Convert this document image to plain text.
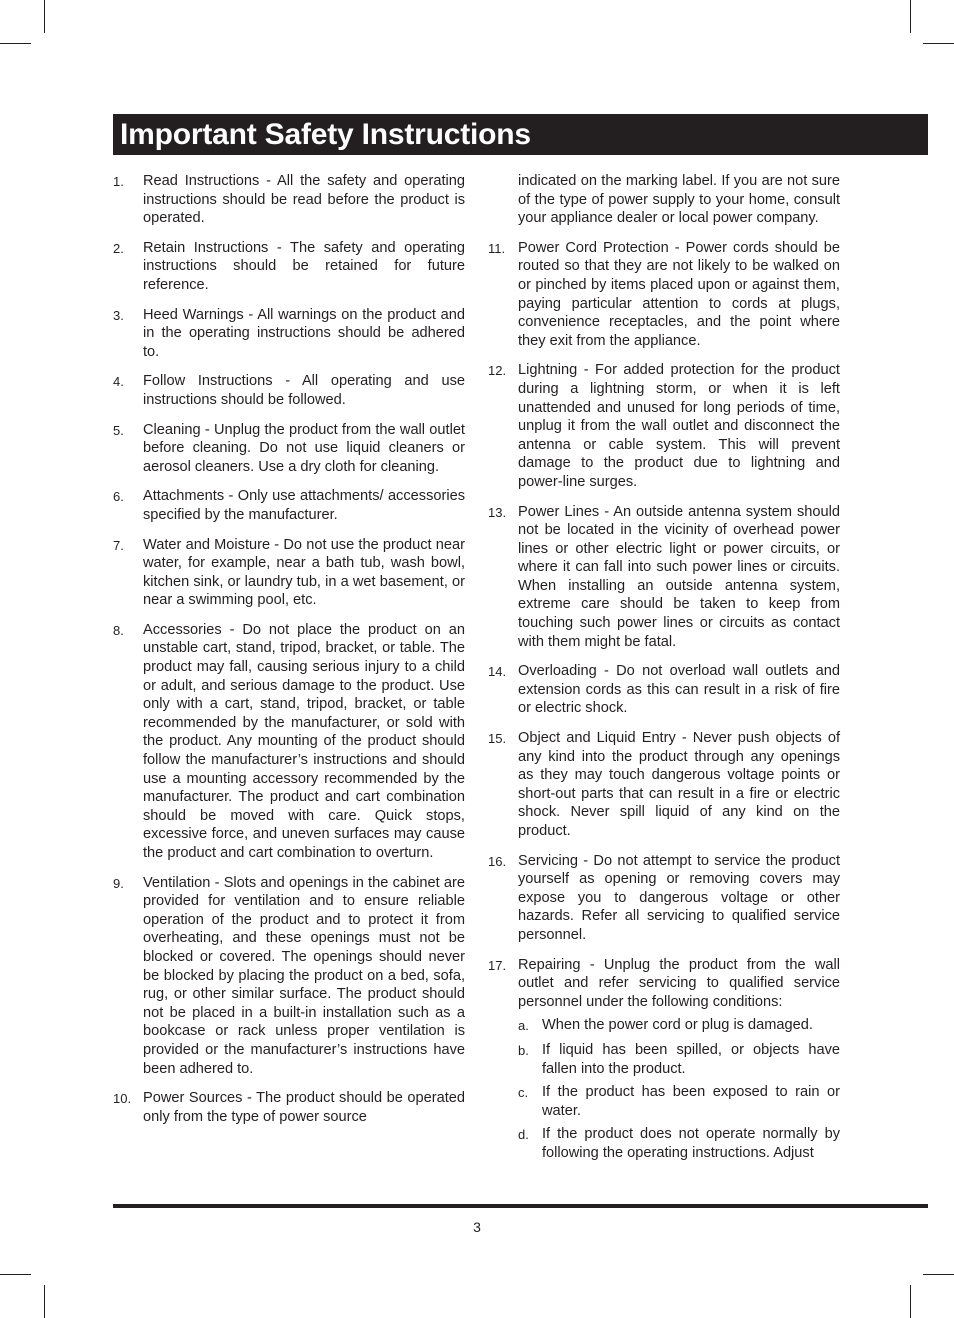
Important Safety Instructions
1.	Read Instructions - All the safety and operating instructions should be read before the product is operated.
2.	Retain Instructions - The safety and operating instructions should be retained for future reference.
3.	Heed Warnings - All warnings on the product and in the operating instructions should be adhered to.
4.	Follow Instructions - All operating and use instructions should be followed.
5.	Cleaning - Unplug the product from the wall outlet before cleaning. Do not use liquid cleaners or aerosol cleaners. Use a dry cloth for cleaning.
6.	Attachments - Only use attachments/ accessories specified by the manufacturer.
7.	Water and Moisture - Do not use the product near water, for example, near a bath tub, wash bowl, kitchen sink, or laundry tub, in a wet basement, or near a swimming pool, etc.
8.	Accessories - Do not place the product on an unstable cart, stand, tripod, bracket, or table. The product may fall, causing serious injury to a child or adult, and serious damage to the product. Use only with a cart, stand, tripod, bracket, or table recommended by the manufacturer, or sold with the product. Any mounting of the product should follow the manufacturer’s instructions and should use a mounting accessory recommended by the manufacturer. The product and cart combination should be moved with care. Quick stops, excessive force, and uneven surfaces may cause the product and cart combination to overturn.
9.	Ventilation - Slots and openings in the cabinet are provided for ventilation and to ensure reliable operation of the product and to protect it from overheating, and these openings must not be blocked or covered. The openings should never be blocked by placing the product on a bed, sofa, rug, or other similar surface. The product should not be placed in a built-in installation such as a bookcase or rack unless proper ventilation is provided or the manufacturer’s instructions have been adhered to.
10. Power Sources - The product should be operated only from the type of power source
indicated on the marking label. If you are not sure of the type of power supply to your home, consult your appliance dealer or local power company.
11. Power Cord Protection - Power cords should be routed so that they are not likely to be walked on or pinched by items placed upon or against them, paying particular attention to cords at plugs, convenience receptacles, and the point where they exit from the appliance.
12. Lightning - For added protection for the product during a lightning storm, or when it is left unattended and unused for long periods of time, unplug it from the wall outlet and disconnect the antenna or cable system. This will prevent damage to the product due to lightning and power-line surges.
13. Power Lines - An outside antenna system should not be located in the vicinity of overhead power lines or other electric light or power circuits, or where it can fall into such power lines or circuits. When installing an outside antenna system, extreme care should be taken to keep from touching such power lines or circuits as contact with them might be fatal.
14. Overloading - Do not overload wall outlets and extension cords as this can result in a risk of fire or electric shock.
15. Object and Liquid Entry - Never push objects of any kind into the product through any openings as they may touch dangerous voltage points or short-out parts that can result in a fire or electric shock. Never spill liquid of any kind on the product.
16. Servicing - Do not attempt to service the product yourself as opening or removing covers may expose you to dangerous voltage or other hazards. Refer all servicing to qualified service personnel.
17. Repairing - Unplug the product from the wall outlet and refer servicing to qualified service personnel under the following conditions:
a. When the power cord or plug is damaged.
b. If liquid has been spilled, or objects have fallen into the product.
c. If the product has been exposed to rain or water.
d. If the product does not operate normally by following the operating instructions. Adjust
3
